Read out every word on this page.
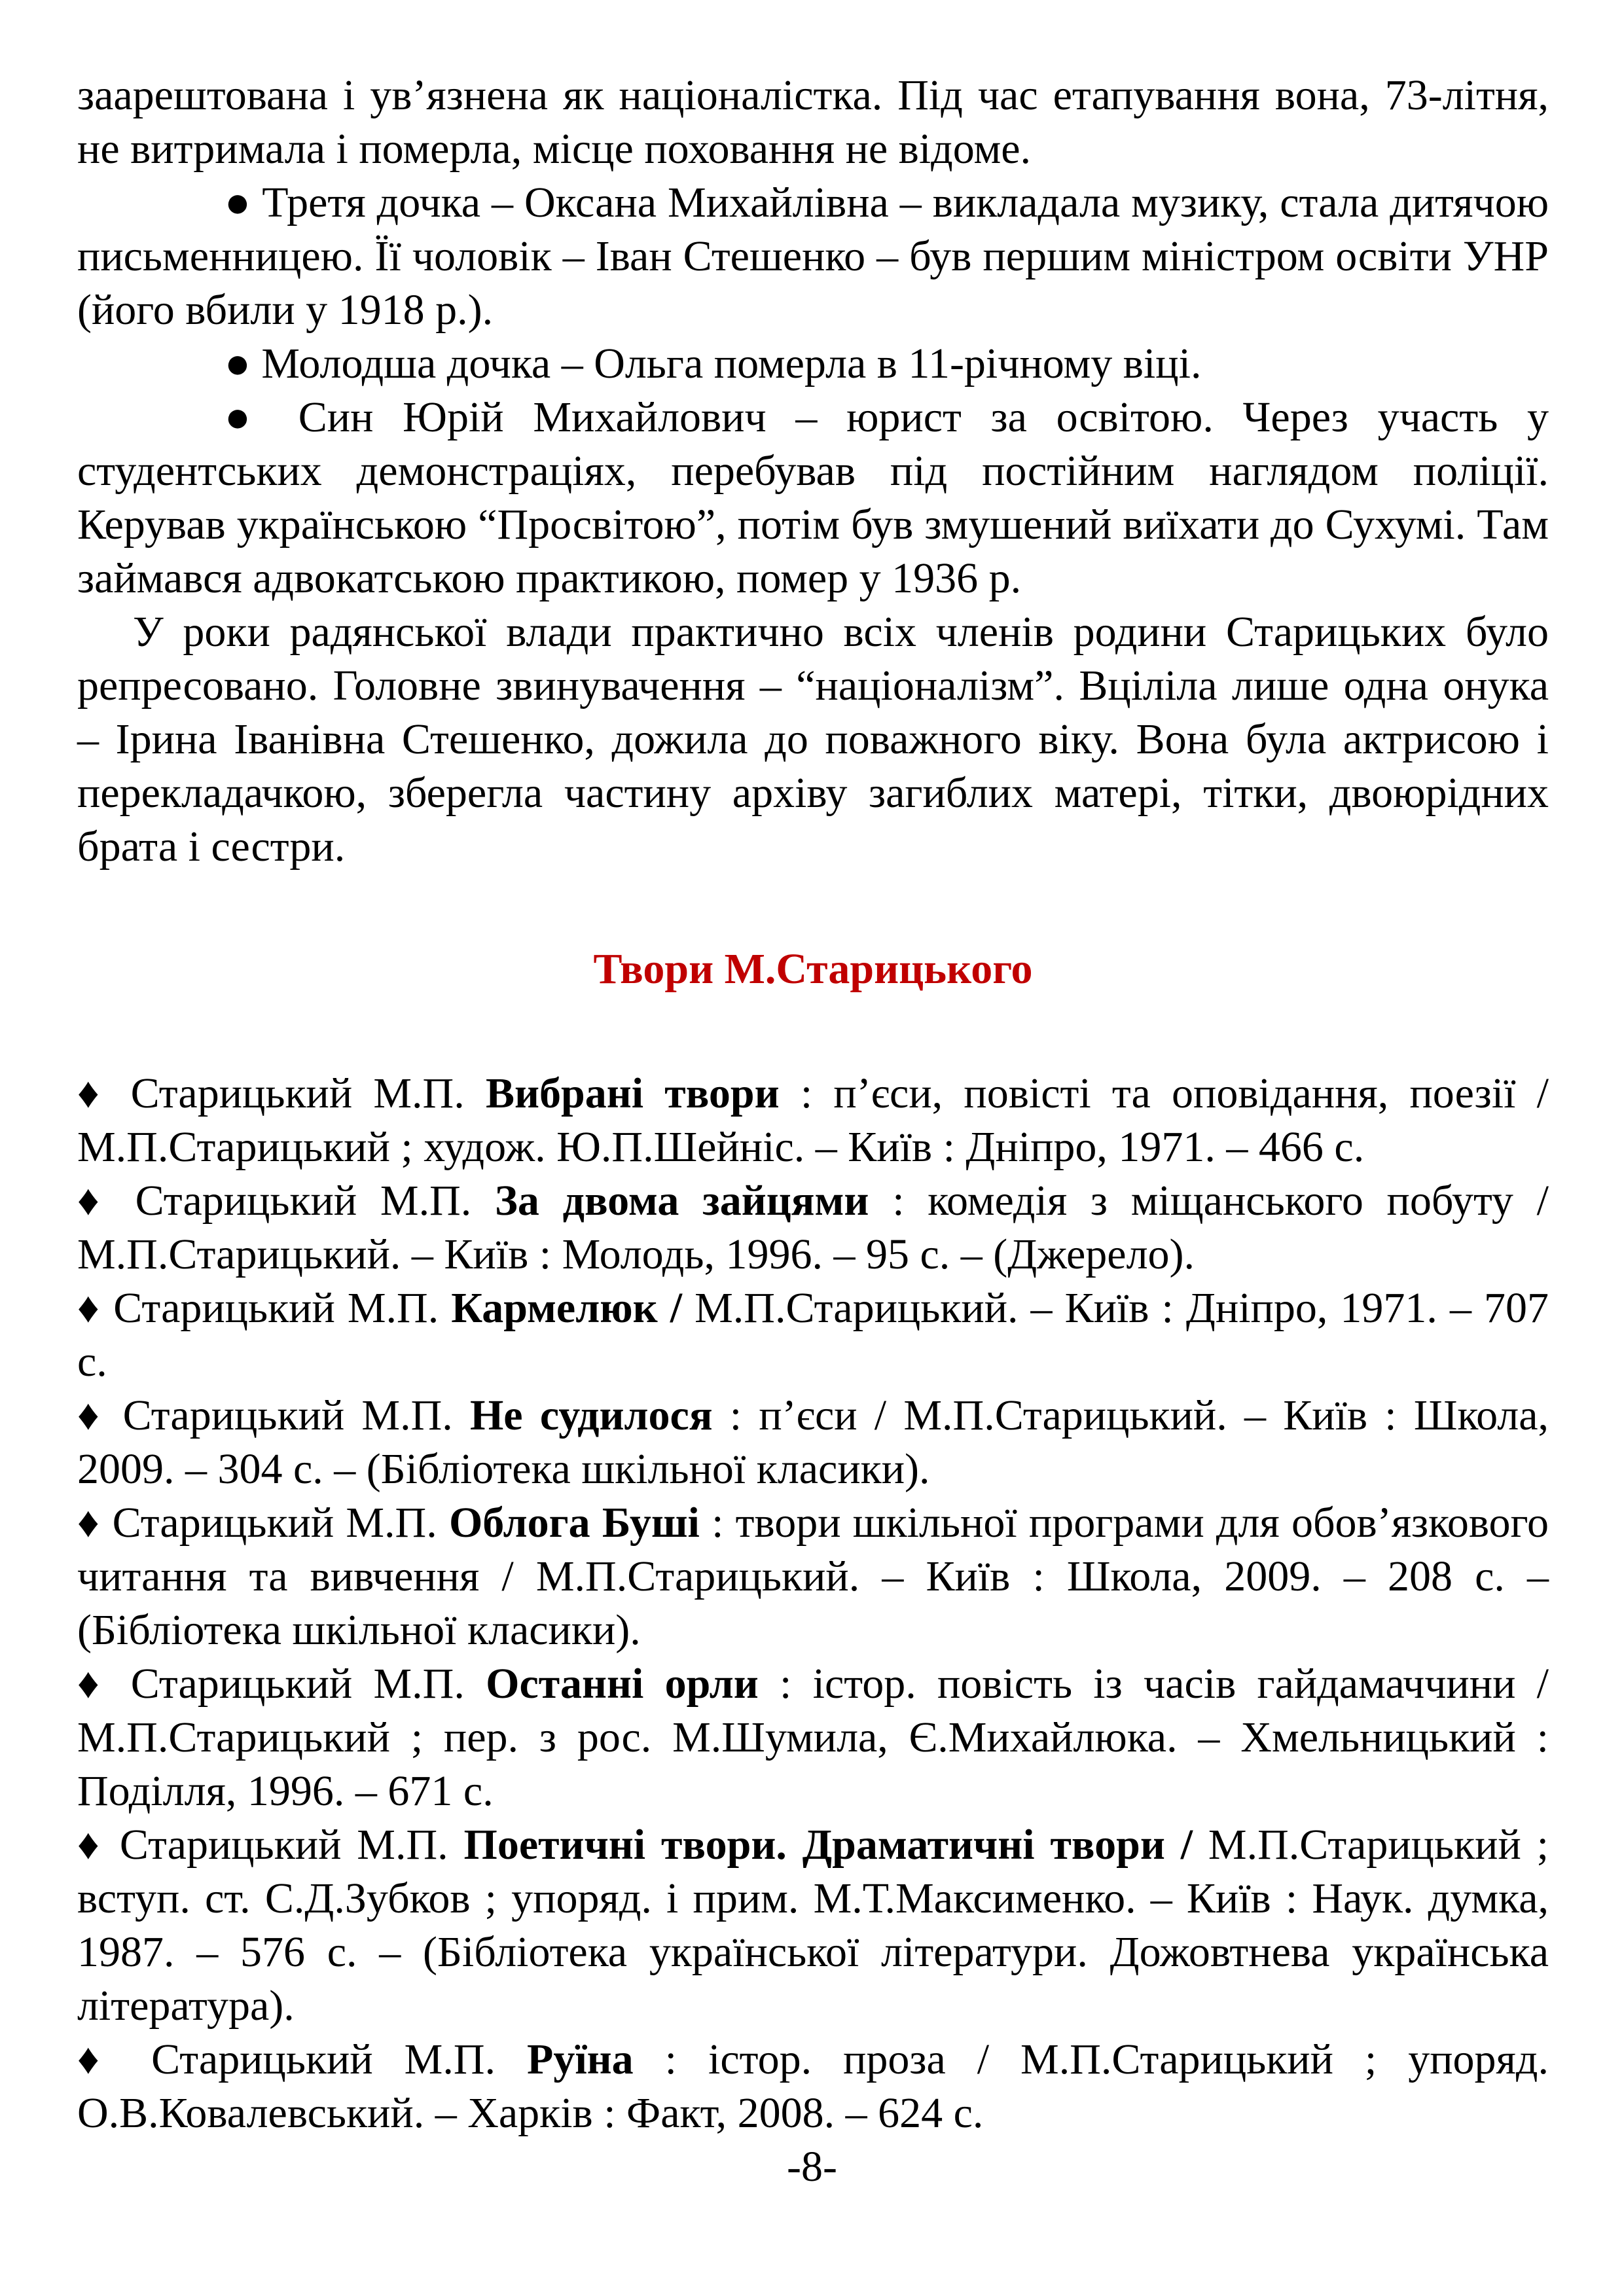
заарештована і ув’язнена як націоналістка. Під час етапування вона, 73-літня, не витримала і померла, місце поховання не відоме.

● Третя дочка – Оксана Михайлівна – викладала музику, стала дитячою письменницею. Її чоловік – Іван Стешенко – був першим міністром освіти УНР (його вбили у 1918 р.).

● Молодша дочка – Ольга померла в 11-річному віці.

● Син Юрій Михайлович – юрист за освітою. Через участь у студентських демонстраціях, перебував під постійним наглядом поліції. Керував українською “Просвітою”, потім був змушений виїхати до Сухумі. Там займався адвокатською практикою, помер у 1936 р.

У роки радянської влади практично всіх членів родини Старицьких було репресовано. Головне звинувачення – “націоналізм”. Вціліла лише одна онука – Ірина Іванівна Стешенко, дожила до поважного віку. Вона була актрисою і перекладачкою, зберегла частину архіву загиблих матері, тітки, двоюрідних брата і сестри.

Твори М.Старицького

♦ Старицький М.П. Вибрані твори : п’єси, повісті та оповідання, поезії / М.П.Старицький ; худож. Ю.П.Шейніс. – Київ : Дніпро, 1971. – 466 с.

♦ Старицький М.П. За двома зайцями : комедія з міщанського побуту / М.П.Старицький. – Київ : Молодь, 1996. – 95 с. – (Джерело).

♦ Старицький М.П. Кармелюк / М.П.Старицький. – Київ : Дніпро, 1971. – 707 с.

♦ Старицький М.П. Не судилося : п’єси / М.П.Старицький. – Київ : Школа, 2009. – 304 с. – (Бібліотека шкільної класики).

♦ Старицький М.П. Облога Буші : твори шкільної програми для обов’язкового читання та вивчення / М.П.Старицький. – Київ : Школа, 2009. – 208 с. – (Бібліотека шкільної класики).

♦ Старицький М.П. Останні орли : істор. повість із часів гайдамаччини / М.П.Старицький ; пер. з рос. М.Шумила, Є.Михайлюка. – Хмельницький : Поділля, 1996. – 671 с.

♦ Старицький М.П. Поетичні твори. Драматичні твори / М.П.Старицький ; вступ. ст. С.Д.Зубков ; упоряд. і прим. М.Т.Максименко. – Київ : Наук. думка, 1987. – 576 с. – (Бібліотека української літератури. Дожовтнева українська література).

♦ Старицький М.П. Руїна : істор. проза / М.П.Старицький ; упоряд. О.В.Ковалевський. – Харків : Факт, 2008. – 624 с.

-8-
